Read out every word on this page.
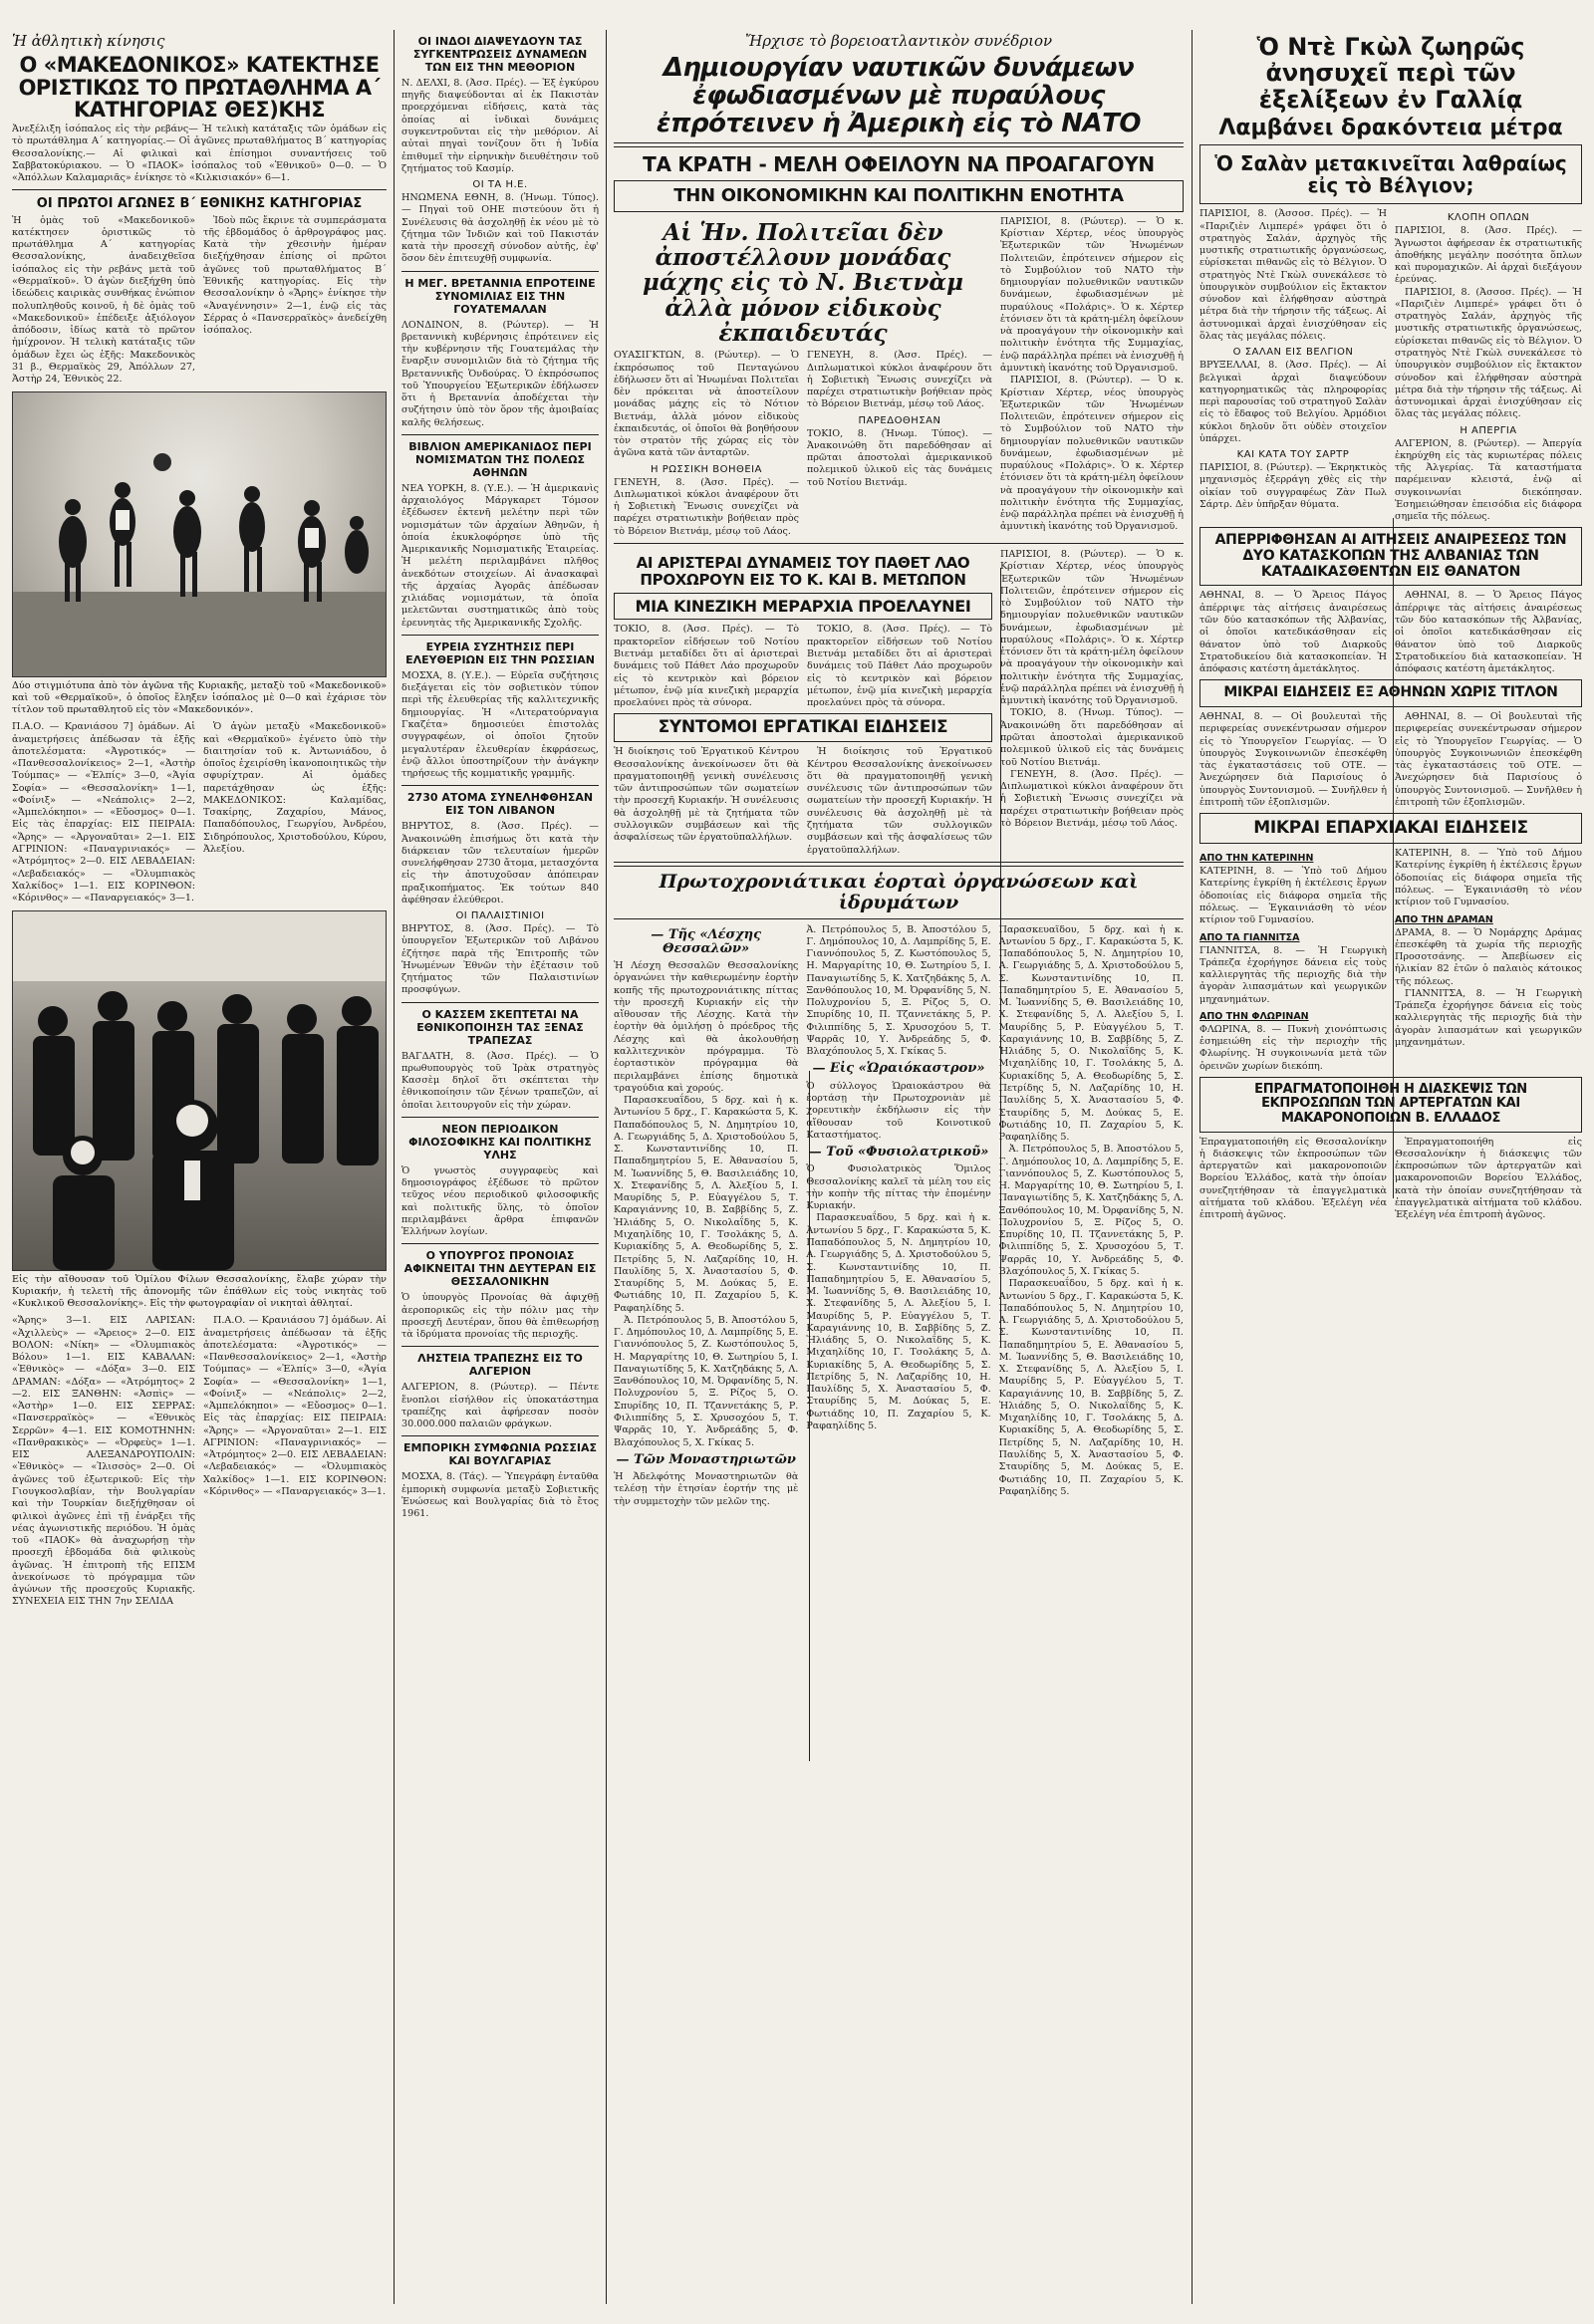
Ἡ ἀθλητικὴ κίνησις
Ο «ΜΑΚΕΔΟΝΙΚΟΣ» ΚΑΤΕΚΤΗΣΕ ΟΡΙΣΤΙΚΩΣ ΤΟ ΠΡΩΤΑΘΛΗΜΑ Α΄ ΚΑΤΗΓΟΡΙΑΣ ΘΕΣ)ΚΗΣ

Ἀνεξέλιξη ἰσόπαλος εἰς τὴν ρεβάνς— Ἡ τελικὴ κατάταξις τῶν ὁμάδων εἰς τὸ πρωτάθλημα Α΄ κατηγορίας.— Οἱ ἀγῶνες πρωταθλήματος Β΄ κατηγορίας Θεσσαλονίκης.— Αἱ φιλικαὶ καὶ ἐπίσημοι συναντήσεις τοῦ Σαββατοκύριακου. — Ὁ «ΠΑΟΚ» ἰσόπαλος τοῦ «Ἐθνικοῦ» 0—0. — Ὁ «Ἀπόλλων Καλαμαριᾶς» ἐνίκησε τὸ «Κιλκισιακόν» 6—1.

ΟΙ ΠΡΩΤΟΙ ΑΓΩΝΕΣ Β΄ ΕΘΝΙΚΗΣ ΚΑΤΗΓΟΡΙΑΣ

Ἡ ὁμὰς τοῦ «Μακεδονικοῦ» κατέκτησεν ὁριστικῶς τὸ πρωτάθλημα Α΄ κατηγορίας Θεσσαλονίκης, ἀναδειχθεῖσα ἰσόπαλος εἰς τὴν ρεβάνς μετὰ τοῦ «Θερμαϊκοῦ». Ὁ ἀγὼν διεξήχθη ὑπὸ ἰδεώδεις καιρικὰς συνθήκας ἐνώπιον πολυπληθοῦς κοινοῦ, ἡ δὲ ὁμὰς τοῦ «Μακεδονικοῦ» ἐπέδειξε ἀξιόλογον ἀπόδοσιν, ἰδίως κατὰ τὸ πρῶτον ἡμίχρονον. Ἡ τελικὴ κατάταξις τῶν ὁμάδων ἔχει ὡς ἑξῆς: Μακεδονικὸς 31 β., Θερμαϊκὸς 29, Ἀπόλλων 27, Ἀστὴρ 24, Ἐθνικὸς 22.

Ἰδοὺ πῶς ἔκρινε τὰ συμπεράσματα τῆς ἑβδομάδος ὁ ἀρθρογράφος μας. Κατὰ τὴν χθεσινὴν ἡμέραν διεξήχθησαν ἐπίσης οἱ πρῶτοι ἀγῶνες τοῦ πρωταθλήματος Β΄ Ἐθνικῆς κατηγορίας. Εἰς τὴν Θεσσαλονίκην ὁ «Ἄρης» ἐνίκησε τὴν «Ἀναγέννησιν» 2—1, ἐνῷ εἰς τὰς Σέρρας ὁ «Πανσερραϊκὸς» ἀνεδείχθη ἰσόπαλος.

Δύο στιγμιότυπα ἀπὸ τὸν ἀγῶνα τῆς Κυριακῆς, μεταξὺ τοῦ «Μακεδονικοῦ» καὶ τοῦ «Θερμαϊκοῦ», ὁ ὁποῖος ἔληξεν ἰσόπαλος μὲ 0—0 καὶ ἐχάρισε τὸν τίτλον τοῦ πρωταθλητοῦ εἰς τὸν «Μακεδονικόν».

Π.Α.Ο. — Κρανιάσου 7] ὁμάδων. Αἱ ἀναμετρήσεις ἀπέδωσαν τὰ ἑξῆς ἀποτελέσματα: «Ἀγροτικός» — «Πανθεσσαλονίκειος» 2—1, «Ἀστὴρ Τούμπας» — «Ἐλπίς» 3—0, «Ἁγία Σοφία» — «Θεσσαλονίκη» 1—1, «Φοίνιξ» — «Νεάπολις» 2—2, «Ἀμπελόκηποι» — «Εὔοσμος» 0—1. Εἰς τὰς ἐπαρχίας: ΕΙΣ ΠΕΙΡΑΙΑ: «Ἄρης» — «Ἀργοναῦται» 2—1. ΕΙΣ ΑΓΡΙΝΙΟΝ: «Παναγρινιακός» — «Ἀτρόμητος» 2—0. ΕΙΣ ΛΕΒΑΔΕΙΑΝ: «Λεβαδειακός» — «Ὀλυμπιακὸς Χαλκίδος» 1—1. ΕΙΣ ΚΟΡΙΝΘΟΝ: «Κόρινθος» — «Παναργειακός» 3—1.

Ὁ ἀγὼν μεταξὺ «Μακεδονικοῦ» καὶ «Θερμαϊκοῦ» ἐγένετο ὑπὸ τὴν διαιτησίαν τοῦ κ. Ἀντωνιάδου, ὁ ὁποῖος ἐχειρίσθη ἱκανοποιητικῶς τὴν σφυρίχτραν. Αἱ ὁμάδες παρετάχθησαν ὡς ἑξῆς: ΜΑΚΕΔΟΝΙΚΟΣ: Καλαμίδας, Τσακίρης, Ζαχαρίου, Μάνος, Παπαδόπουλος, Γεωργίου, Ἀνδρέου, Σιδηρόπουλος, Χριστοδούλου, Κύρου, Ἀλεξίου.

Εἰς τὴν αἴθουσαν τοῦ Ὁμίλου Φίλων Θεσσαλονίκης, ἔλαβε χώραν τὴν Κυριακήν, ἡ τελετὴ τῆς ἀπονομῆς τῶν ἐπάθλων εἰς τοὺς νικητὰς τοῦ «Κυκλικοῦ Θεσσαλονίκης». Εἰς τὴν φωτογραφίαν οἱ νικηταὶ ἀθληταί.

«Ἄρης» 3—1. ΕΙΣ ΛΑΡΙΣΑΝ: «Ἀχιλλεὺς» — «Ἄρειος» 2—0. ΕΙΣ ΒΟΛΟΝ: «Νίκη» — «Ὀλυμπιακὸς Βόλου» 1—1. ΕΙΣ ΚΑΒΑΛΑΝ: «Ἐθνικὸς» — «Δόξα» 3—0. ΕΙΣ ΔΡΑΜΑΝ: «Δόξα» — «Ἀτρόμητος» 2—2. ΕΙΣ ΞΑΝΘΗΝ: «Ἀσπὶς» — «Ἀστὴρ» 1—0. ΕΙΣ ΣΕΡΡΑΣ: «Πανσερραϊκὸς» — «Ἐθνικὸς Σερρῶν» 4—1. ΕΙΣ ΚΟΜΟΤΗΝΗΝ: «Πανθρακικὸς» — «Ὀρφεὺς» 1—1. ΕΙΣ ΑΛΕΞΑΝΔΡΟΥΠΟΛΙΝ: «Ἐθνικὸς» — «Ἰλισσὸς» 2—0. Οἱ ἀγῶνες τοῦ ἐξωτερικοῦ: Εἰς τὴν Γιουγκοσλαβίαν, τὴν Βουλγαρίαν καὶ τὴν Τουρκίαν διεξήχθησαν οἱ φιλικοὶ ἀγῶνες ἐπὶ τῇ ἐνάρξει τῆς νέας ἀγωνιστικῆς περιόδου. Ἡ ὁμὰς τοῦ «ΠΑΟΚ» θὰ ἀναχωρήσῃ τὴν προσεχῆ ἑβδομάδα διὰ φιλικοὺς ἀγῶνας. Ἡ ἐπιτροπὴ τῆς ΕΠΣΜ ἀνεκοίνωσε τὸ πρόγραμμα τῶν ἀγώνων τῆς προσεχοῦς Κυριακῆς. ΣΥΝΕΧΕΙΑ ΕΙΣ ΤΗΝ 7ην ΣΕΛΙΔΑ

Π.Α.Ο. — Κρανιάσου 7] ὁμάδων. Αἱ ἀναμετρήσεις ἀπέδωσαν τὰ ἑξῆς ἀποτελέσματα: «Ἀγροτικός» — «Πανθεσσαλονίκειος» 2—1, «Ἀστὴρ Τούμπας» — «Ἐλπίς» 3—0, «Ἁγία Σοφία» — «Θεσσαλονίκη» 1—1, «Φοίνιξ» — «Νεάπολις» 2—2, «Ἀμπελόκηποι» — «Εὔοσμος» 0—1. Εἰς τὰς ἐπαρχίας: ΕΙΣ ΠΕΙΡΑΙΑ: «Ἄρης» — «Ἀργοναῦται» 2—1. ΕΙΣ ΑΓΡΙΝΙΟΝ: «Παναγρινιακός» — «Ἀτρόμητος» 2—0. ΕΙΣ ΛΕΒΑΔΕΙΑΝ: «Λεβαδειακός» — «Ὀλυμπιακὸς Χαλκίδος» 1—1. ΕΙΣ ΚΟΡΙΝΘΟΝ: «Κόρινθος» — «Παναργειακός» 3—1.

ΟΙ ΙΝΔΟΙ ΔΙΑΨΕΥΔΟΥΝ ΤΑΣ ΣΥΓΚΕΝΤΡΩΣΕΙΣ ΔΥΝΑΜΕΩΝ ΤΩΝ ΕΙΣ ΤΗΝ ΜΕΘΟΡΙΟΝ

Ν. ΔΕΛΧΙ, 8. (Ἀσσ. Πρές). — Ἐξ ἐγκύρου πηγῆς διαψεύδονται αἱ ἐκ Πακιστὰν προερχόμεναι εἰδήσεις, κατὰ τὰς ὁποίας αἱ ἰνδικαὶ δυνάμεις συγκεντροῦνται εἰς τὴν μεθόριον. Αἱ αὐταὶ πηγαὶ τονίζουν ὅτι ἡ Ἰνδία ἐπιθυμεῖ τὴν εἰρηνικὴν διευθέτησιν τοῦ ζητήματος τοῦ Κασμίρ.

ΟΙ ΤΑ Η.Ε.

ΗΝΩΜΕΝΑ ΕΘΝΗ, 8. (Ἡνωμ. Τύπος). — Πηγαὶ τοῦ ΟΗΕ πιστεύουν ὅτι ἡ Συνέλευσις θὰ ἀσχοληθῇ ἐκ νέου μὲ τὸ ζήτημα τῶν Ἰνδιῶν καὶ τοῦ Πακιστάν κατὰ τὴν προσεχῆ σύνοδον αὐτῆς, ἐφ' ὅσον δὲν ἐπιτευχθῇ συμφωνία.

Η ΜΕΓ. ΒΡΕΤΑΝΝΙΑ ΕΠΡΟΤΕΙΝΕ ΣΥΝΟΜΙΛΙΑΣ ΕΙΣ ΤΗΝ ΓΟΥΑΤΕΜΑΛΑΝ

ΛΟΝΔΙΝΟΝ, 8. (Ρώυτερ). — Ἡ βρεταννικὴ κυβέρνησις ἐπρότεινεν εἰς τὴν κυβέρνησιν τῆς Γουατεμάλας τὴν ἔναρξιν συνομιλιῶν διὰ τὸ ζήτημα τῆς Βρεταννικῆς Ὁνδούρας. Ὁ ἐκπρόσωπος τοῦ Ὑπουργείου Ἐξωτερικῶν ἐδήλωσεν ὅτι ἡ Βρεταννία ἀποδέχεται τὴν συζήτησιν ὑπὸ τὸν ὅρον τῆς ἀμοιβαίας καλῆς θελήσεως.

ΒΙΒΛΙΟΝ ΑΜΕΡΙΚΑΝΙΔΟΣ ΠΕΡΙ ΝΟΜΙΣΜΑΤΩΝ ΤΗΣ ΠΟΛΕΩΣ ΑΘΗΝΩΝ

ΝΕΑ ΥΟΡΚΗ, 8. (Υ.Ε.). — Ἡ ἀμερικανὶς ἀρχαιολόγος Μάργκαρετ Τόμσον ἐξέδωσεν ἐκτενῆ μελέτην περὶ τῶν νομισμάτων τῶν ἀρχαίων Ἀθηνῶν, ἡ ὁποία ἐκυκλοφόρησε ὑπὸ τῆς Ἀμερικανικῆς Νομισματικῆς Ἑταιρείας. Ἡ μελέτη περιλαμβάνει πλῆθος ἀνεκδότων στοιχείων. Αἱ ἀνασκαφαὶ τῆς ἀρχαίας Ἀγορᾶς ἀπέδωσαν χιλιάδας νομισμάτων, τὰ ὁποῖα μελετῶνται συστηματικῶς ἀπὸ τοὺς ἐρευνητὰς τῆς Ἀμερικανικῆς Σχολῆς.

ΕΥΡΕΙΑ ΣΥΖΗΤΗΣΙΣ ΠΕΡΙ ΕΛΕΥΘΕΡΙΩΝ ΕΙΣ ΤΗΝ ΡΩΣΣΙΑΝ

ΜΟΣΧΑ, 8. (Υ.Ε.). — Εὐρεῖα συζήτησις διεξάγεται εἰς τὸν σοβιετικὸν τύπον περὶ τῆς ἐλευθερίας τῆς καλλιτεχνικῆς δημιουργίας. Ἡ «Λιτερατούρναγια Γκαζέτα» δημοσιεύει ἐπιστολὰς συγγραφέων, οἱ ὁποῖοι ζητοῦν μεγαλυτέραν ἐλευθερίαν ἐκφράσεως, ἐνῷ ἄλλοι ὑποστηρίζουν τὴν ἀνάγκην τηρήσεως τῆς κομματικῆς γραμμῆς.

2730 ΑΤΟΜΑ ΣΥΝΕΛΗΦΘΗΣΑΝ ΕΙΣ ΤΟΝ ΛΙΒΑΝΟΝ

ΒΗΡΥΤΟΣ, 8. (Ἀσσ. Πρές). — Ἀνακοινώθη ἐπισήμως ὅτι κατὰ τὴν διάρκειαν τῶν τελευταίων ἡμερῶν συνελήφθησαν 2730 ἄτομα, μετασχόντα εἰς τὴν ἀποτυχοῦσαν ἀπόπειραν πραξικοπήματος. Ἐκ τούτων 840 ἀφέθησαν ἐλεύθεροι.

ΟΙ ΠΑΛΑΙΣΤΙΝΙΟΙ

ΒΗΡΥΤΟΣ, 8. (Ἀσσ. Πρές). — Τὸ ὑπουργεῖον Ἐξωτερικῶν τοῦ Λιβάνου ἐζήτησε παρὰ τῆς Ἐπιτροπῆς τῶν Ἡνωμένων Ἐθνῶν τὴν ἐξέτασιν τοῦ ζητήματος τῶν Παλαιστινίων προσφύγων.

Ο ΚΑΣΣΕΜ ΣΚΕΠΤΕΤΑΙ ΝΑ ΕΘΝΙΚΟΠΟΙΗΣΗ ΤΑΣ ΞΕΝΑΣ ΤΡΑΠΕΖΑΣ

ΒΑΓΔΑΤΗ, 8. (Ἀσσ. Πρές). — Ὁ πρωθυπουργὸς τοῦ Ἰρὰκ στρατηγὸς Κασσὲμ δηλοῖ ὅτι σκέπτεται τὴν ἐθνικοποίησιν τῶν ξένων τραπεζῶν, αἱ ὁποῖαι λειτουργοῦν εἰς τὴν χώραν.

ΝΕΟΝ ΠΕΡΙΟΔΙΚΟΝ ΦΙΛΟΣΟΦΙΚΗΣ ΚΑΙ ΠΟΛΙΤΙΚΗΣ ΥΛΗΣ

Ὁ γνωστὸς συγγραφεὺς καὶ δημοσιογράφος ἐξέδωσε τὸ πρῶτον τεῦχος νέου περιοδικοῦ φιλοσοφικῆς καὶ πολιτικῆς ὕλης, τὸ ὁποῖον περιλαμβάνει ἄρθρα ἐπιφανῶν Ἑλλήνων λογίων.

Ο ΥΠΟΥΡΓΟΣ ΠΡΟΝΟΙΑΣ ΑΦΙΚΝΕΙΤΑΙ ΤΗΝ ΔΕΥΤΕΡΑΝ ΕΙΣ ΘΕΣΣΑΛΟΝΙΚΗΝ

Ὁ ὑπουργὸς Προνοίας θὰ ἀφιχθῇ ἀεροπορικῶς εἰς τὴν πόλιν μας τὴν προσεχῆ Δευτέραν, ὅπου θὰ ἐπιθεωρήσῃ τὰ ἱδρύματα προνοίας τῆς περιοχῆς.

ΛΗΣΤΕΙΑ ΤΡΑΠΕΖΗΣ ΕΙΣ ΤΟ ΑΛΓΕΡΙΟΝ

ΑΛΓΕΡΙΟΝ, 8. (Ρώυτερ). — Πέντε ἔνοπλοι εἰσήλθον εἰς ὑποκατάστημα τραπέζης καὶ ἀφήρεσαν ποσὸν 30.000.000 παλαιῶν φράγκων.

ΕΜΠΟΡΙΚΗ ΣΥΜΦΩΝΙΑ ΡΩΣΣΙΑΣ ΚΑΙ ΒΟΥΛΓΑΡΙΑΣ

ΜΟΣΧΑ, 8. (Τάς). — Ὑπεγράφη ἐνταῦθα ἐμπορικὴ συμφωνία μεταξὺ Σοβιετικῆς Ἑνώσεως καὶ Βουλγαρίας διὰ τὸ ἔτος 1961.

Ἤρχισε τὸ βορειοατλαντικὸν συνέδριον
Δημιουργίαν ναυτικῶν δυνάμεων ἐφωδιασμένων μὲ πυραύλους ἐπρότεινεν ἡ Ἀμερικὴ εἰς τὸ ΝΑΤΟ
ΤΑ ΚΡΑΤΗ - ΜΕΛΗ ΟΦΕΙΛΟΥΝ ΝΑ ΠΡΟΑΓΑΓΟΥΝ
ΤΗΝ ΟΙΚΟΝΟΜΙΚΗΝ ΚΑΙ ΠΟΛΙΤΙΚΗΝ ΕΝΟΤΗΤΑ
Αἱ Ἡν. Πολιτεῖαι δὲν ἀποστέλλουν μονάδας μάχης εἰς τὸ Ν. Βιετνὰμ ἀλλὰ μόνον εἰδικοὺς ἐκπαιδευτάς

ΟΥΑΣΙΓΚΤΩΝ, 8. (Ρώυτερ). — Ὁ ἐκπρόσωπος τοῦ Πενταγώνου ἐδήλωσεν ὅτι αἱ Ἡνωμέναι Πολιτεῖαι δὲν πρόκειται νὰ ἀποστείλουν μονάδας μάχης εἰς τὸ Νότιον Βιετνάμ, ἀλλὰ μόνον εἰδικοὺς ἐκπαιδευτάς, οἱ ὁποῖοι θὰ βοηθήσουν τὸν στρατὸν τῆς χώρας εἰς τὸν ἀγῶνα κατὰ τῶν ἀνταρτῶν.

Η ΡΩΣΣΙΚΗ ΒΟΗΘΕΙΑ

ΓΕΝΕΥΗ, 8. (Ἀσσ. Πρές). — Διπλωματικοὶ κύκλοι ἀναφέρουν ὅτι ἡ Σοβιετικὴ Ἕνωσις συνεχίζει νὰ παρέχει στρατιωτικὴν βοήθειαν πρὸς τὸ Βόρειον Βιετνάμ, μέσῳ τοῦ Λάος.

ΓΕΝΕΥΗ, 8. (Ἀσσ. Πρές). — Διπλωματικοὶ κύκλοι ἀναφέρουν ὅτι ἡ Σοβιετικὴ Ἕνωσις συνεχίζει νὰ παρέχει στρατιωτικὴν βοήθειαν πρὸς τὸ Βόρειον Βιετνάμ, μέσῳ τοῦ Λάος.

ΠΑΡΕΔΟΘΗΣΑΝ

ΤΟΚΙΟ, 8. (Ἡνωμ. Τύπος). — Ἀνακοινώθη ὅτι παρεδόθησαν αἱ πρῶται ἀποστολαὶ ἀμερικανικοῦ πολεμικοῦ ὑλικοῦ εἰς τὰς δυνάμεις τοῦ Νοτίου Βιετνάμ.

ΠΑΡΙΣΙΟΙ, 8. (Ρώυτερ). — Ὁ κ. Κρίστιαν Χέρτερ, νέος ὑπουργὸς Ἐξωτερικῶν τῶν Ἡνωμένων Πολιτειῶν, ἐπρότεινεν σήμερον εἰς τὸ Συμβούλιον τοῦ ΝΑΤΟ τὴν δημιουργίαν πολυεθνικῶν ναυτικῶν δυνάμεων, ἐφωδιασμένων μὲ πυραύλους «Πολάρις». Ὁ κ. Χέρτερ ἐτόνισεν ὅτι τὰ κράτη-μέλη ὀφείλουν νὰ προαγάγουν τὴν οἰκονομικὴν καὶ πολιτικὴν ἑνότητα τῆς Συμμαχίας, ἐνῷ παράλληλα πρέπει νὰ ἐνισχυθῇ ἡ ἀμυντικὴ ἱκανότης τοῦ Ὀργανισμοῦ.

ΠΑΡΙΣΙΟΙ, 8. (Ρώυτερ). — Ὁ κ. Κρίστιαν Χέρτερ, νέος ὑπουργὸς Ἐξωτερικῶν τῶν Ἡνωμένων Πολιτειῶν, ἐπρότεινεν σήμερον εἰς τὸ Συμβούλιον τοῦ ΝΑΤΟ τὴν δημιουργίαν πολυεθνικῶν ναυτικῶν δυνάμεων, ἐφωδιασμένων μὲ πυραύλους «Πολάρις». Ὁ κ. Χέρτερ ἐτόνισεν ὅτι τὰ κράτη-μέλη ὀφείλουν νὰ προαγάγουν τὴν οἰκονομικὴν καὶ πολιτικὴν ἑνότητα τῆς Συμμαχίας, ἐνῷ παράλληλα πρέπει νὰ ἐνισχυθῇ ἡ ἀμυντικὴ ἱκανότης τοῦ Ὀργανισμοῦ.

ΑΙ ΑΡΙΣΤΕΡΑΙ ΔΥΝΑΜΕΙΣ ΤΟΥ ΠΑΘΕΤ ΛΑΟ ΠΡΟΧΩΡΟΥΝ ΕΙΣ ΤΟ Κ. ΚΑΙ Β. ΜΕΤΩΠΟΝ
ΜΙΑ ΚΙΝΕΖΙΚΗ ΜΕΡΑΡΧΙΑ ΠΡΟΕΛΑΥΝΕΙ

ΤΟΚΙΟ, 8. (Ἀσσ. Πρές). — Τὸ πρακτορεῖον εἰδήσεων τοῦ Νοτίου Βιετνάμ μεταδίδει ὅτι αἱ ἀριστεραὶ δυνάμεις τοῦ Πάθετ Λάο προχωροῦν εἰς τὸ κεντρικὸν καὶ βόρειον μέτωπον, ἐνῷ μία κινεζικὴ μεραρχία προελαύνει πρὸς τὰ σύνορα.

ΤΟΚΙΟ, 8. (Ἀσσ. Πρές). — Τὸ πρακτορεῖον εἰδήσεων τοῦ Νοτίου Βιετνάμ μεταδίδει ὅτι αἱ ἀριστεραὶ δυνάμεις τοῦ Πάθετ Λάο προχωροῦν εἰς τὸ κεντρικὸν καὶ βόρειον μέτωπον, ἐνῷ μία κινεζικὴ μεραρχία προελαύνει πρὸς τὰ σύνορα.

ΣΥΝΤΟΜΟΙ ΕΡΓΑΤΙΚΑΙ ΕΙΔΗΣΕΙΣ

Ἡ διοίκησις τοῦ Ἐργατικοῦ Κέντρου Θεσσαλονίκης ἀνεκοίνωσεν ὅτι θὰ πραγματοποιηθῇ γενικὴ συνέλευσις τῶν ἀντιπροσώπων τῶν σωματείων τὴν προσεχῆ Κυριακήν. Ἡ συνέλευσις θὰ ἀσχοληθῇ μὲ τὰ ζητήματα τῶν συλλογικῶν συμβάσεων καὶ τῆς ἀσφαλίσεως τῶν ἐργατοϋπαλλήλων.

Ἡ διοίκησις τοῦ Ἐργατικοῦ Κέντρου Θεσσαλονίκης ἀνεκοίνωσεν ὅτι θὰ πραγματοποιηθῇ γενικὴ συνέλευσις τῶν ἀντιπροσώπων τῶν σωματείων τὴν προσεχῆ Κυριακήν. Ἡ συνέλευσις θὰ ἀσχοληθῇ μὲ τὰ ζητήματα τῶν συλλογικῶν συμβάσεων καὶ τῆς ἀσφαλίσεως τῶν ἐργατοϋπαλλήλων.

ΠΑΡΙΣΙΟΙ, 8. (Ρώυτερ). — Ὁ κ. Κρίστιαν Χέρτερ, νέος ὑπουργὸς Ἐξωτερικῶν τῶν Ἡνωμένων Πολιτειῶν, ἐπρότεινεν σήμερον εἰς τὸ Συμβούλιον τοῦ ΝΑΤΟ τὴν δημιουργίαν πολυεθνικῶν ναυτικῶν δυνάμεων, ἐφωδιασμένων μὲ πυραύλους «Πολάρις». Ὁ κ. Χέρτερ ἐτόνισεν ὅτι τὰ κράτη-μέλη ὀφείλουν νὰ προαγάγουν τὴν οἰκονομικὴν καὶ πολιτικὴν ἑνότητα τῆς Συμμαχίας, ἐνῷ παράλληλα πρέπει νὰ ἐνισχυθῇ ἡ ἀμυντικὴ ἱκανότης τοῦ Ὀργανισμοῦ.

ΤΟΚΙΟ, 8. (Ἡνωμ. Τύπος). — Ἀνακοινώθη ὅτι παρεδόθησαν αἱ πρῶται ἀποστολαὶ ἀμερικανικοῦ πολεμικοῦ ὑλικοῦ εἰς τὰς δυνάμεις τοῦ Νοτίου Βιετνάμ.

ΓΕΝΕΥΗ, 8. (Ἀσσ. Πρές). — Διπλωματικοὶ κύκλοι ἀναφέρουν ὅτι ἡ Σοβιετικὴ Ἕνωσις συνεχίζει νὰ παρέχει στρατιωτικὴν βοήθειαν πρὸς τὸ Βόρειον Βιετνάμ, μέσῳ τοῦ Λάος.

Πρωτοχρονιάτικαι ἑορταὶ ὀργανώσεων καὶ ἱδρυμάτων
— Τῆς «Λέσχης Θεσσαλῶν»

Ἡ Λέσχη Θεσσαλῶν Θεσσαλονίκης ὀργανώνει τὴν καθιερωμένην ἑορτὴν κοπῆς τῆς πρωτοχρονιάτικης πίττας τὴν προσεχῆ Κυριακήν εἰς τὴν αἴθουσαν τῆς Λέσχης. Κατὰ τὴν ἑορτὴν θὰ ὁμιλήσῃ ὁ πρόεδρος τῆς Λέσχης καὶ θὰ ἀκολουθήσῃ καλλιτεχνικὸν πρόγραμμα. Τὸ ἑορταστικὸν πρόγραμμα θὰ περιλαμβάνει ἐπίσης δημοτικὰ τραγούδια καὶ χορούς.

Παρασκευαΐδου, 5 δρχ. καὶ ἡ κ. Ἀντωνίου 5 δρχ., Γ. Καρακώστα 5, Κ. Παπαδόπουλος 5, Ν. Δημητρίου 10, Α. Γεωργιάδης 5, Δ. Χριστοδούλου 5, Σ. Κωνσταντινίδης 10, Π. Παπαδημητρίου 5, Ε. Ἀθανασίου 5, Μ. Ἰωαννίδης 5, Θ. Βασιλειάδης 10, Χ. Στεφανίδης 5, Λ. Ἀλεξίου 5, Ι. Μαυρίδης 5, Ρ. Εὐαγγέλου 5, Τ. Καραγιάννης 10, Β. Σαββίδης 5, Ζ. Ἠλιάδης 5, Ο. Νικολαΐδης 5, Κ. Μιχαηλίδης 10, Γ. Τσολάκης 5, Δ. Κυριακίδης 5, Α. Θεοδωρίδης 5, Σ. Πετρίδης 5, Ν. Λαζαρίδης 10, Η. Παυλίδης 5, Χ. Ἀναστασίου 5, Φ. Σταυρίδης 5, Μ. Δούκας 5, Ε. Φωτιάδης 10, Π. Ζαχαρίου 5, Κ. Ραφαηλίδης 5.

Ἀ. Πετρόπουλος 5, Β. Ἀποστόλου 5, Γ. Δημόπουλος 10, Δ. Λαμπρίδης 5, Ε. Γιαννόπουλος 5, Ζ. Κωστόπουλος 5, Η. Μαργαρίτης 10, Θ. Σωτηρίου 5, Ι. Παναγιωτίδης 5, Κ. Χατζηδάκης 5, Λ. Ξανθόπουλος 10, Μ. Ὀρφανίδης 5, Ν. Πολυχρονίου 5, Ξ. Ρίζος 5, Ο. Σπυρίδης 10, Π. Τζαννετάκης 5, Ρ. Φιλιππίδης 5, Σ. Χρυσοχόου 5, Τ. Ψαρρᾶς 10, Υ. Ἀνδρεάδης 5, Φ. Βλαχόπουλος 5, Χ. Γκίκας 5.

— Τῶν Μοναστηριωτῶν

Ἡ Ἀδελφότης Μοναστηριωτῶν θὰ τελέσῃ τὴν ἐτησίαν ἑορτήν της μὲ τὴν συμμετοχὴν τῶν μελῶν της.

Ἀ. Πετρόπουλος 5, Β. Ἀποστόλου 5, Γ. Δημόπουλος 10, Δ. Λαμπρίδης 5, Ε. Γιαννόπουλος 5, Ζ. Κωστόπουλος 5, Η. Μαργαρίτης 10, Θ. Σωτηρίου 5, Ι. Παναγιωτίδης 5, Κ. Χατζηδάκης 5, Λ. Ξανθόπουλος 10, Μ. Ὀρφανίδης 5, Ν. Πολυχρονίου 5, Ξ. Ρίζος 5, Ο. Σπυρίδης 10, Π. Τζαννετάκης 5, Ρ. Φιλιππίδης 5, Σ. Χρυσοχόου 5, Τ. Ψαρρᾶς 10, Υ. Ἀνδρεάδης 5, Φ. Βλαχόπουλος 5, Χ. Γκίκας 5.

— Εἰς «Ὡραιόκαστρον»

Ὁ σύλλογος Ὡραιοκάστρου θὰ ἑορτάσῃ τὴν Πρωτοχρονιὰν μὲ χορευτικὴν ἐκδήλωσιν εἰς τὴν αἴθουσαν τοῦ Κοινοτικοῦ Καταστήματος.

— Τοῦ «Φυσιολατρικοῦ»

Ὁ Φυσιολατρικὸς Ὅμιλος Θεσσαλονίκης καλεῖ τὰ μέλη του εἰς τὴν κοπὴν τῆς πίττας τὴν ἑπομένην Κυριακήν.

Παρασκευαΐδου, 5 δρχ. καὶ ἡ κ. Ἀντωνίου 5 δρχ., Γ. Καρακώστα 5, Κ. Παπαδόπουλος 5, Ν. Δημητρίου 10, Α. Γεωργιάδης 5, Δ. Χριστοδούλου 5, Σ. Κωνσταντινίδης 10, Π. Παπαδημητρίου 5, Ε. Ἀθανασίου 5, Μ. Ἰωαννίδης 5, Θ. Βασιλειάδης 10, Χ. Στεφανίδης 5, Λ. Ἀλεξίου 5, Ι. Μαυρίδης 5, Ρ. Εὐαγγέλου 5, Τ. Καραγιάννης 10, Β. Σαββίδης 5, Ζ. Ἠλιάδης 5, Ο. Νικολαΐδης 5, Κ. Μιχαηλίδης 10, Γ. Τσολάκης 5, Δ. Κυριακίδης 5, Α. Θεοδωρίδης 5, Σ. Πετρίδης 5, Ν. Λαζαρίδης 10, Η. Παυλίδης 5, Χ. Ἀναστασίου 5, Φ. Σταυρίδης 5, Μ. Δούκας 5, Ε. Φωτιάδης 10, Π. Ζαχαρίου 5, Κ. Ραφαηλίδης 5.

Παρασκευαΐδου, 5 δρχ. καὶ ἡ κ. Ἀντωνίου 5 δρχ., Γ. Καρακώστα 5, Κ. Παπαδόπουλος 5, Ν. Δημητρίου 10, Α. Γεωργιάδης 5, Δ. Χριστοδούλου 5, Σ. Κωνσταντινίδης 10, Π. Παπαδημητρίου 5, Ε. Ἀθανασίου 5, Μ. Ἰωαννίδης 5, Θ. Βασιλειάδης 10, Χ. Στεφανίδης 5, Λ. Ἀλεξίου 5, Ι. Μαυρίδης 5, Ρ. Εὐαγγέλου 5, Τ. Καραγιάννης 10, Β. Σαββίδης 5, Ζ. Ἠλιάδης 5, Ο. Νικολαΐδης 5, Κ. Μιχαηλίδης 10, Γ. Τσολάκης 5, Δ. Κυριακίδης 5, Α. Θεοδωρίδης 5, Σ. Πετρίδης 5, Ν. Λαζαρίδης 10, Η. Παυλίδης 5, Χ. Ἀναστασίου 5, Φ. Σταυρίδης 5, Μ. Δούκας 5, Ε. Φωτιάδης 10, Π. Ζαχαρίου 5, Κ. Ραφαηλίδης 5.

Ἀ. Πετρόπουλος 5, Β. Ἀποστόλου 5, Γ. Δημόπουλος 10, Δ. Λαμπρίδης 5, Ε. Γιαννόπουλος 5, Ζ. Κωστόπουλος 5, Η. Μαργαρίτης 10, Θ. Σωτηρίου 5, Ι. Παναγιωτίδης 5, Κ. Χατζηδάκης 5, Λ. Ξανθόπουλος 10, Μ. Ὀρφανίδης 5, Ν. Πολυχρονίου 5, Ξ. Ρίζος 5, Ο. Σπυρίδης 10, Π. Τζαννετάκης 5, Ρ. Φιλιππίδης 5, Σ. Χρυσοχόου 5, Τ. Ψαρρᾶς 10, Υ. Ἀνδρεάδης 5, Φ. Βλαχόπουλος 5, Χ. Γκίκας 5.

Παρασκευαΐδου, 5 δρχ. καὶ ἡ κ. Ἀντωνίου 5 δρχ., Γ. Καρακώστα 5, Κ. Παπαδόπουλος 5, Ν. Δημητρίου 10, Α. Γεωργιάδης 5, Δ. Χριστοδούλου 5, Σ. Κωνσταντινίδης 10, Π. Παπαδημητρίου 5, Ε. Ἀθανασίου 5, Μ. Ἰωαννίδης 5, Θ. Βασιλειάδης 10, Χ. Στεφανίδης 5, Λ. Ἀλεξίου 5, Ι. Μαυρίδης 5, Ρ. Εὐαγγέλου 5, Τ. Καραγιάννης 10, Β. Σαββίδης 5, Ζ. Ἠλιάδης 5, Ο. Νικολαΐδης 5, Κ. Μιχαηλίδης 10, Γ. Τσολάκης 5, Δ. Κυριακίδης 5, Α. Θεοδωρίδης 5, Σ. Πετρίδης 5, Ν. Λαζαρίδης 10, Η. Παυλίδης 5, Χ. Ἀναστασίου 5, Φ. Σταυρίδης 5, Μ. Δούκας 5, Ε. Φωτιάδης 10, Π. Ζαχαρίου 5, Κ. Ραφαηλίδης 5.

Ὁ Ντὲ Γκὼλ ζωηρῶς ἀνησυχεῖ περὶ τῶν ἐξελίξεων ἐν Γαλλίᾳ
Λαμβάνει δρακόντεια μέτρα
Ὁ Σαλὰν μετακινεῖται λαθραίως εἰς τὸ Βέλγιον;

ΠΑΡΙΣΙΟΙ, 8. (Ἀσσοσ. Πρές). — Ἡ «Παριζιὲν Λιμπερέ» γράφει ὅτι ὁ στρατηγὸς Σαλάν, ἀρχηγὸς τῆς μυστικῆς στρατιωτικῆς ὀργανώσεως, εὑρίσκεται πιθανῶς εἰς τὸ Βέλγιον. Ὁ στρατηγὸς Ντὲ Γκὼλ συνεκάλεσε τὸ ὑπουργικὸν συμβούλιον εἰς ἔκτακτον σύνοδον καὶ ἐλήφθησαν αὐστηρὰ μέτρα διὰ τὴν τήρησιν τῆς τάξεως. Αἱ ἀστυνομικαὶ ἀρχαὶ ἐνισχύθησαν εἰς ὅλας τὰς μεγάλας πόλεις.

Ο ΣΑΛΑΝ ΕΙΣ ΒΕΛΓΙΟΝ

ΒΡΥΞΕΛΛΑΙ, 8. (Ἀσσ. Πρές). — Αἱ βελγικαὶ ἀρχαὶ διαψεύδουν κατηγορηματικῶς τὰς πληροφορίας περὶ παρουσίας τοῦ στρατηγοῦ Σαλὰν εἰς τὸ ἔδαφος τοῦ Βελγίου. Ἀρμόδιοι κύκλοι δηλοῦν ὅτι οὐδὲν στοιχεῖον ὑπάρχει.

ΚΑΙ ΚΑΤΑ ΤΟΥ ΣΑΡΤΡ

ΠΑΡΙΣΙΟΙ, 8. (Ρώυτερ). — Ἐκρηκτικὸς μηχανισμὸς ἐξερράγη χθὲς εἰς τὴν οἰκίαν τοῦ συγγραφέως Ζὰν Πωλ Σάρτρ. Δὲν ὑπῆρξαν θύματα.

ΚΛΟΠΗ ΟΠΛΩΝ

ΠΑΡΙΣΙΟΙ, 8. (Ἀσσ. Πρές). — Ἄγνωστοι ἀφήρεσαν ἐκ στρατιωτικῆς ἀποθήκης μεγάλην ποσότητα ὅπλων καὶ πυρομαχικῶν. Αἱ ἀρχαὶ διεξάγουν ἐρεύνας.

ΠΑΡΙΣΙΟΙ, 8. (Ἀσσοσ. Πρές). — Ἡ «Παριζιὲν Λιμπερέ» γράφει ὅτι ὁ στρατηγὸς Σαλάν, ἀρχηγὸς τῆς μυστικῆς στρατιωτικῆς ὀργανώσεως, εὑρίσκεται πιθανῶς εἰς τὸ Βέλγιον. Ὁ στρατηγὸς Ντὲ Γκὼλ συνεκάλεσε τὸ ὑπουργικὸν συμβούλιον εἰς ἔκτακτον σύνοδον καὶ ἐλήφθησαν αὐστηρὰ μέτρα διὰ τὴν τήρησιν τῆς τάξεως. Αἱ ἀστυνομικαὶ ἀρχαὶ ἐνισχύθησαν εἰς ὅλας τὰς μεγάλας πόλεις.

Η ΑΠΕΡΓΙΑ

ΑΛΓΕΡΙΟΝ, 8. (Ρώυτερ). — Ἀπεργία ἐκηρύχθη εἰς τὰς κυριωτέρας πόλεις τῆς Ἀλγερίας. Τὰ καταστήματα παρέμειναν κλειστά, ἐνῷ αἱ συγκοινωνίαι διεκόπησαν. Ἐσημειώθησαν ἐπεισόδια εἰς διάφορα σημεῖα τῆς πόλεως.

ΑΠΕΡΡΙΦΘΗΣΑΝ ΑΙ ΑΙΤΗΣΕΙΣ ΑΝΑΙΡΕΣΕΩΣ ΤΩΝ ΔΥΟ ΚΑΤΑΣΚΟΠΩΝ ΤΗΣ ΑΛΒΑΝΙΑΣ ΤΩΝ ΚΑΤΑΔΙΚΑΣΘΕΝΤΩΝ ΕΙΣ ΘΑΝΑΤΟΝ

ΑΘΗΝΑΙ, 8. — Ὁ Ἄρειος Πάγος ἀπέρριψε τὰς αἰτήσεις ἀναιρέσεως τῶν δύο κατασκόπων τῆς Ἀλβανίας, οἱ ὁποῖοι κατεδικάσθησαν εἰς θάνατον ὑπὸ τοῦ Διαρκοῦς Στρατοδικείου διὰ κατασκοπείαν. Ἡ ἀπόφασις κατέστη ἀμετάκλητος.

ΑΘΗΝΑΙ, 8. — Ὁ Ἄρειος Πάγος ἀπέρριψε τὰς αἰτήσεις ἀναιρέσεως τῶν δύο κατασκόπων τῆς Ἀλβανίας, οἱ ὁποῖοι κατεδικάσθησαν εἰς θάνατον ὑπὸ τοῦ Διαρκοῦς Στρατοδικείου διὰ κατασκοπείαν. Ἡ ἀπόφασις κατέστη ἀμετάκλητος.

ΜΙΚΡΑΙ ΕΙΔΗΣΕΙΣ ΕΞ ΑΘΗΝΩΝ ΧΩΡΙΣ ΤΙΤΛΟΝ

ΑΘΗΝΑΙ, 8. — Οἱ βουλευταὶ τῆς περιφερείας συνεκέντρωσαν σήμερον εἰς τὸ Ὑπουργεῖον Γεωργίας. — Ὁ ὑπουργὸς Συγκοινωνιῶν ἐπεσκέφθη τὰς ἐγκαταστάσεις τοῦ ΟΤΕ. — Ἀνεχώρησεν διὰ Παρισίους ὁ ὑπουργὸς Συντονισμοῦ. — Συνῆλθεν ἡ ἐπιτροπὴ τῶν ἐξοπλισμῶν.

ΑΘΗΝΑΙ, 8. — Οἱ βουλευταὶ τῆς περιφερείας συνεκέντρωσαν σήμερον εἰς τὸ Ὑπουργεῖον Γεωργίας. — Ὁ ὑπουργὸς Συγκοινωνιῶν ἐπεσκέφθη τὰς ἐγκαταστάσεις τοῦ ΟΤΕ. — Ἀνεχώρησεν διὰ Παρισίους ὁ ὑπουργὸς Συντονισμοῦ. — Συνῆλθεν ἡ ἐπιτροπὴ τῶν ἐξοπλισμῶν.

ΜΙΚΡΑΙ ΕΠΑΡΧΙΑΚΑΙ ΕΙΔΗΣΕΙΣ
ΑΠΟ ΤΗΝ ΚΑΤΕΡΙΝΗΝ

ΚΑΤΕΡΙΝΗ, 8. — Ὑπὸ τοῦ Δήμου Κατερίνης ἐγκρίθη ἡ ἐκτέλεσις ἔργων ὀδοποιίας εἰς διάφορα σημεῖα τῆς πόλεως. — Ἐγκαινιάσθη τὸ νέον κτίριον τοῦ Γυμνασίου.

ΑΠΟ ΤΑ ΓΙΑΝΝΙΤΣΑ

ΓΙΑΝΝΙΤΣΑ, 8. — Ἡ Γεωργικὴ Τράπεζα ἐχορήγησε δάνεια εἰς τοὺς καλλιεργητὰς τῆς περιοχῆς διὰ τὴν ἀγορὰν λιπασμάτων καὶ γεωργικῶν μηχανημάτων.

ΑΠΟ ΤΗΝ ΦΛΩΡΙΝΑΝ

ΦΛΩΡΙΝΑ, 8. — Πυκνὴ χιονόπτωσις ἐσημειώθη εἰς τὴν περιοχὴν τῆς Φλωρίνης. Ἡ συγκοινωνία μετὰ τῶν ὀρεινῶν χωρίων διεκόπη.

ΚΑΤΕΡΙΝΗ, 8. — Ὑπὸ τοῦ Δήμου Κατερίνης ἐγκρίθη ἡ ἐκτέλεσις ἔργων ὀδοποιίας εἰς διάφορα σημεῖα τῆς πόλεως. — Ἐγκαινιάσθη τὸ νέον κτίριον τοῦ Γυμνασίου.

ΑΠΟ ΤΗΝ ΔΡΑΜΑΝ

ΔΡΑΜΑ, 8. — Ὁ Νομάρχης Δράμας ἐπεσκέφθη τὰ χωρία τῆς περιοχῆς Προσοτσάνης. — Ἀπεβίωσεν εἰς ἡλικίαν 82 ἐτῶν ὁ παλαιὸς κάτοικος τῆς πόλεως.

ΓΙΑΝΝΙΤΣΑ, 8. — Ἡ Γεωργικὴ Τράπεζα ἐχορήγησε δάνεια εἰς τοὺς καλλιεργητὰς τῆς περιοχῆς διὰ τὴν ἀγορὰν λιπασμάτων καὶ γεωργικῶν μηχανημάτων.

ΕΠΡΑΓΜΑΤΟΠΟΙΗΘΗ Η ΔΙΑΣΚΕΨΙΣ ΤΩΝ ΕΚΠΡΟΣΩΠΩΝ ΤΩΝ ΑΡΤΕΡΓΑΤΩΝ ΚΑΙ ΜΑΚΑΡΟΝΟΠΟΙΩΝ Β. ΕΛΛΑΔΟΣ

Ἐπραγματοποιήθη εἰς Θεσσαλονίκην ἡ διάσκεψις τῶν ἐκπροσώπων τῶν ἀρτεργατῶν καὶ μακαρονοποιῶν Βορείου Ἑλλάδος, κατὰ τὴν ὁποίαν συνεζητήθησαν τὰ ἐπαγγελματικὰ αἰτήματα τοῦ κλάδου. Ἐξελέγη νέα ἐπιτροπὴ ἀγῶνος.

Ἐπραγματοποιήθη εἰς Θεσσαλονίκην ἡ διάσκεψις τῶν ἐκπροσώπων τῶν ἀρτεργατῶν καὶ μακαρονοποιῶν Βορείου Ἑλλάδος, κατὰ τὴν ὁποίαν συνεζητήθησαν τὰ ἐπαγγελματικὰ αἰτήματα τοῦ κλάδου. Ἐξελέγη νέα ἐπιτροπὴ ἀγῶνος.
